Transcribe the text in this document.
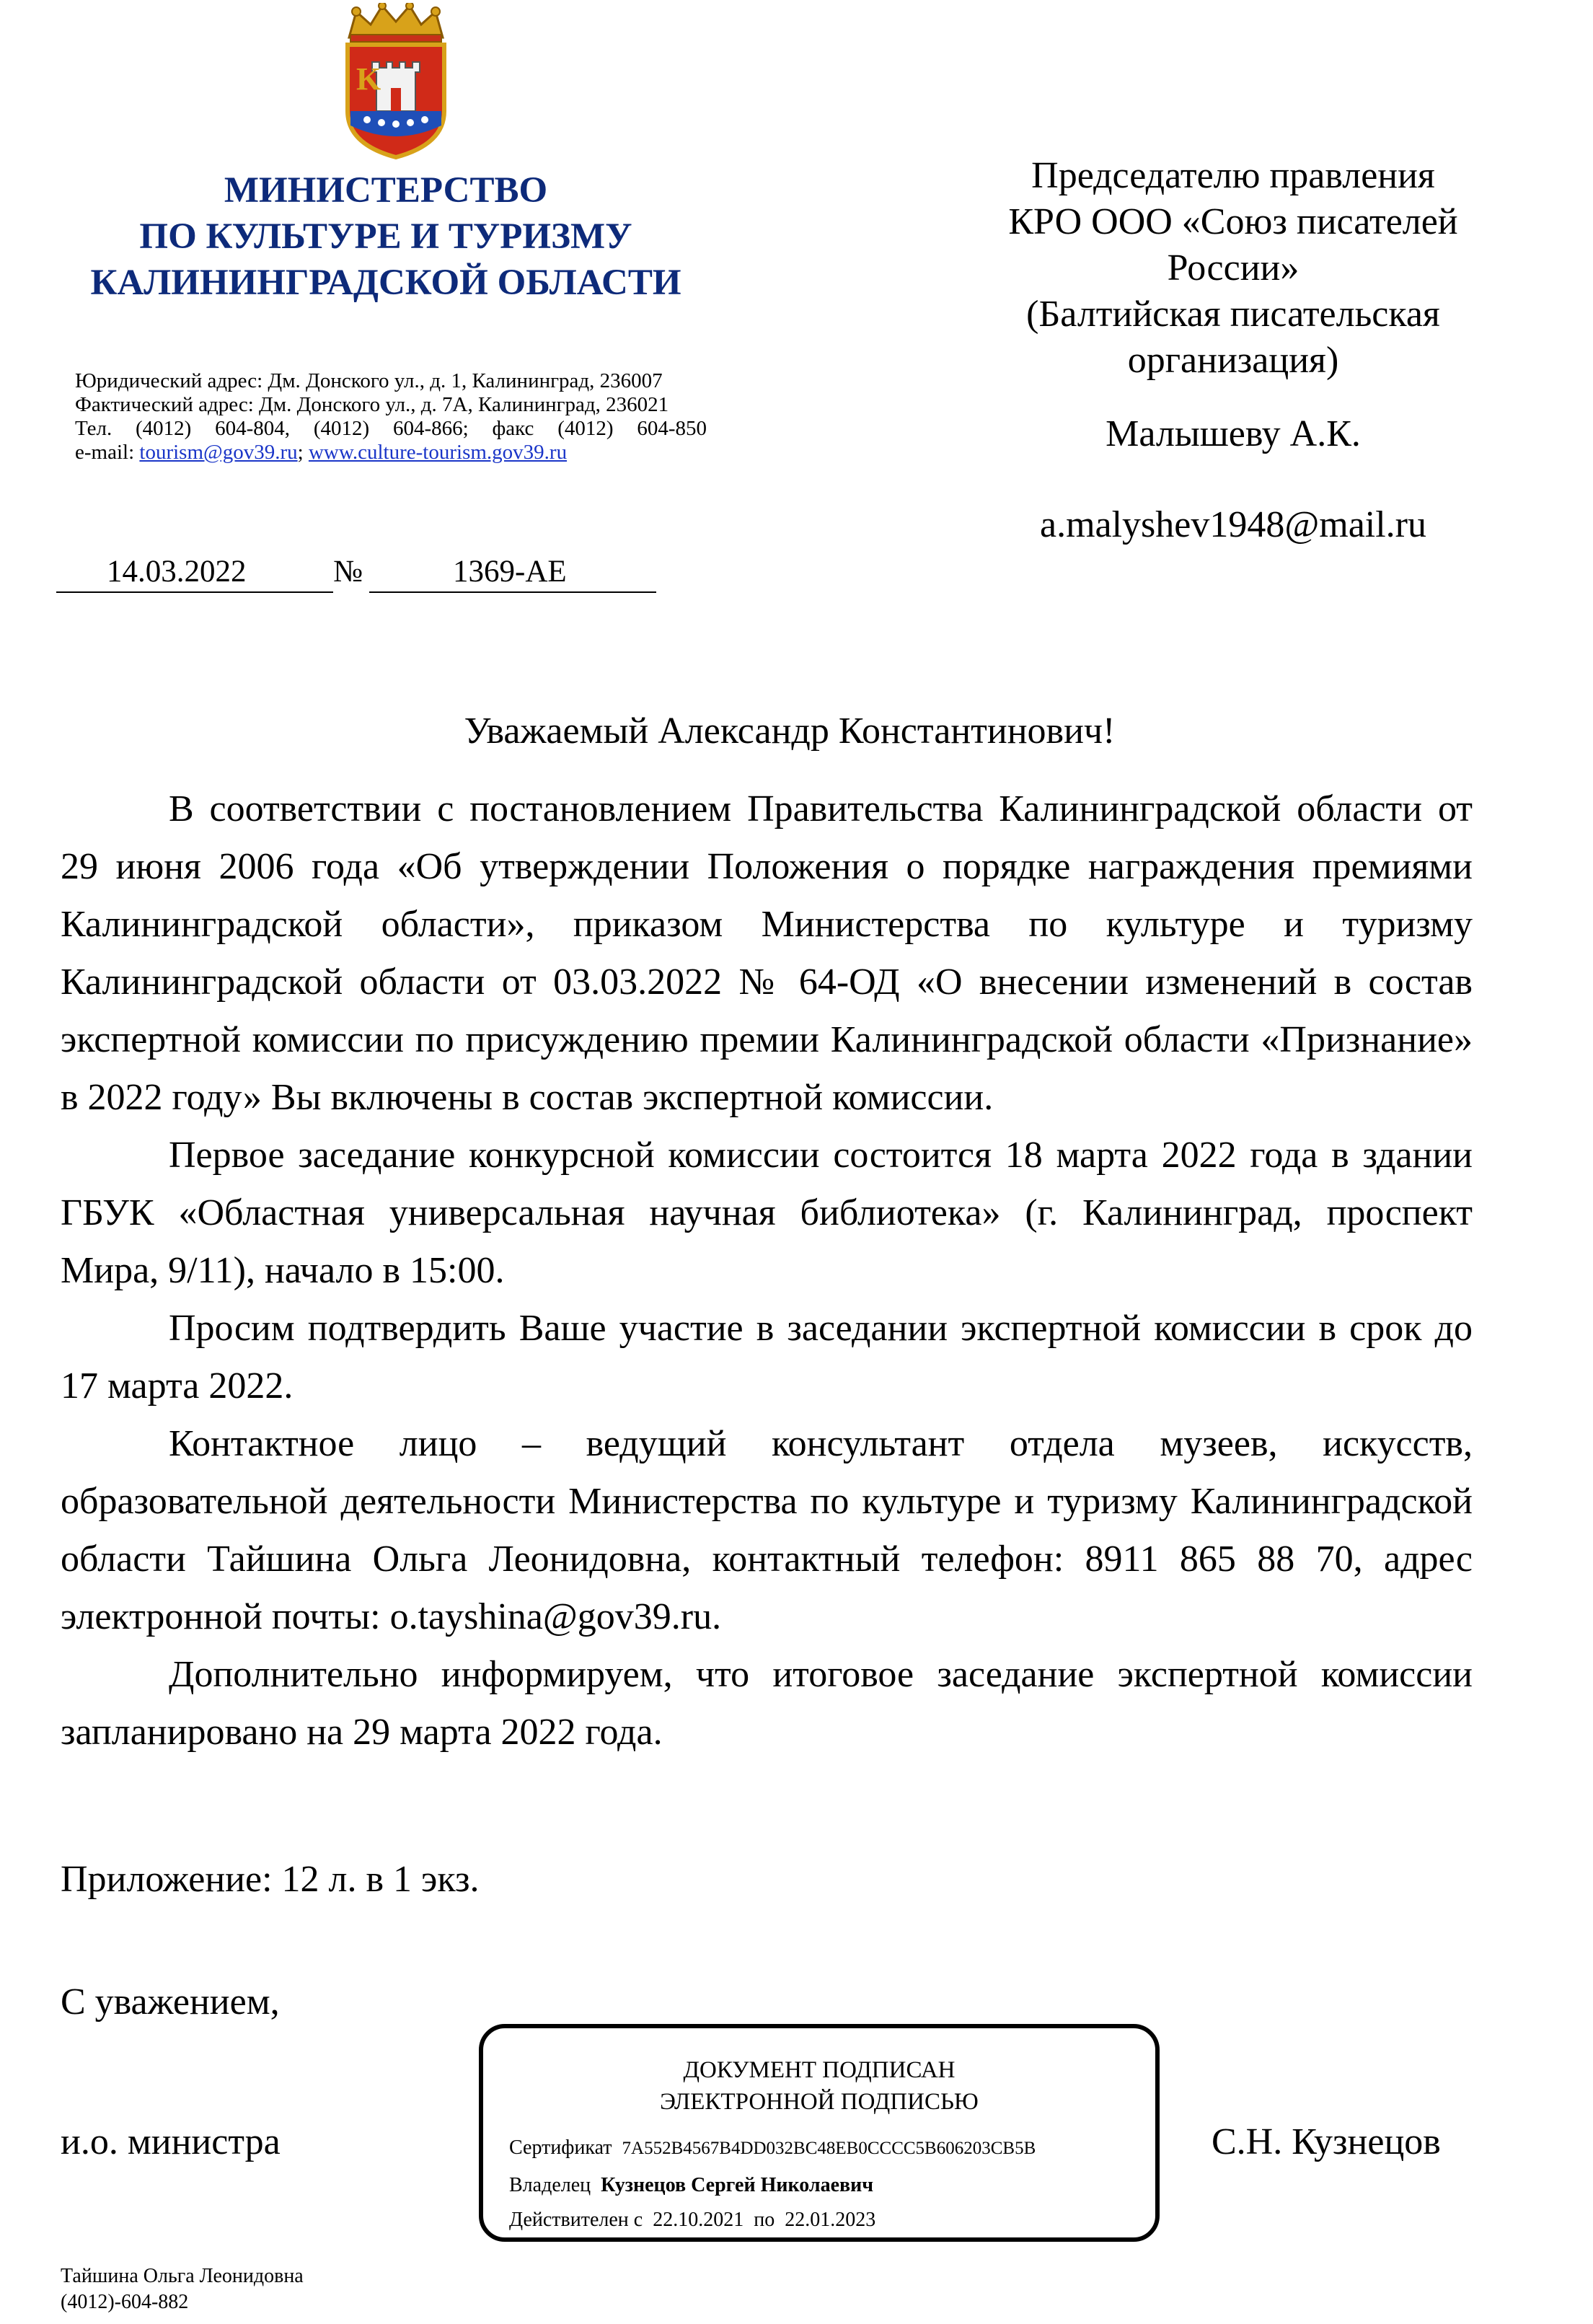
K
МИНИСТЕРСТВО
ПО КУЛЬТУРЕ И ТУРИЗМУ
КАЛИНИНГРАДСКОЙ ОБЛАСТИ
Юридический адрес: Дм. Донского ул., д. 1, Калининград, 236007
Фактический адрес: Дм. Донского ул., д. 7А, Калининград, 236021
Тел. (4012) 604-804, (4012) 604-866; факс (4012) 604-850
e-mail: tourism@gov39.ru; www.culture-tourism.gov39.ru
14.03.2022	№	1369-АЕ
Председателю правления
КРО ООО «Союз писателей
России»
(Балтийская писательская
организация)
Малышеву А.К.
a.malyshev1948@mail.ru
Уважаемый Александр Константинович!

В соответствии с постановлением Правительства Калининградской области от 29 июня 2006 года «Об утверждении Положения о порядке награждения премиями Калининградской области», приказом Министерства по культуре и туризму Калининградской области от 03.03.2022 № 64-ОД «О внесении изменений в состав экспертной комиссии по присуждению премии Калининградской области «Признание» в 2022 году» Вы включены в состав экспертной комиссии.

Первое заседание конкурсной комиссии состоится 18 марта 2022 года в здании ГБУК «Областная универсальная научная библиотека» (г. Калининград, проспект Мира, 9/11), начало в 15:00.

Просим подтвердить Ваше участие в заседании экспертной комиссии в срок до 17 марта 2022.

Контактное лицо – ведущий консультант отдела музеев, искусств, образовательной деятельности Министерства по культуре и туризму Калининградской области Тайшина Ольга Леонидовна, контактный телефон: 8911 865 88 70, адрес электронной почты: o.tayshina@gov39.ru.

Дополнительно информируем, что итоговое заседание экспертной комиссии запланировано на 29 марта 2022 года.

Приложение: 12 л. в 1 экз.
С уважением,
и.о. министра	С.Н. Кузнецов
ДОКУМЕНТ ПОДПИСАН
ЭЛЕКТРОННОЙ ПОДПИСЬЮ
Сертификат 7A552B4567B4DD032BC48EB0CCCC5B606203CB5B
Владелец Кузнецов Сергей Николаевич
Действителен с 22.10.2021 по 22.01.2023
Тайшина Ольга Леонидовна
(4012)-604-882
